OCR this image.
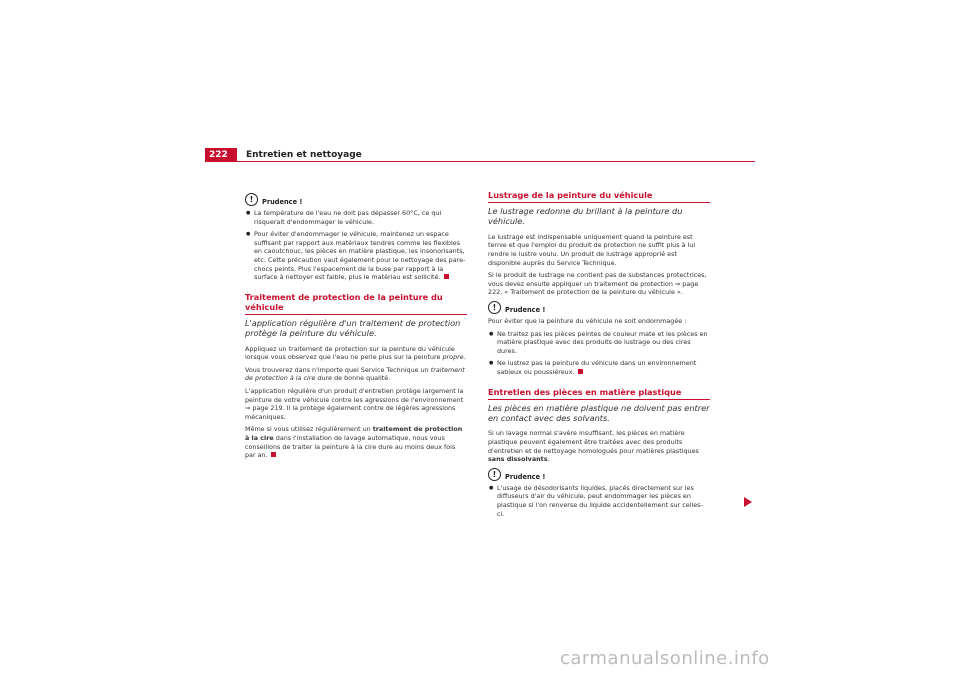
222	Entretien et nettoyage
!	Prudence !

● La température de l'eau ne doit pas dépasser 60°C, ce qui risquerait d'endommager le véhicule.

● Pour éviter d'endommager le véhicule, maintenez un espace suffisant par rapport aux matériaux tendres comme les flexibles en caoutchouc, les pièces en matière plastique, les insonorisants, etc. Cette précaution vaut également pour le nettoyage des pare-chocs peints. Plus l'espacement de la buse par rapport à la surface à nettoyer est faible, plus le matériau est sollicité.

Traitement de protection de la peinture du véhicule
L'application régulière d'un traitement de protection protège la peinture du véhicule.

Appliquez un traitement de protection sur la peinture du véhicule lorsque vous observez que l'eau ne perle plus sur la peinture propre.

Vous trouverez dans n'importe quel Service Technique un traitement de protection à la cire dure de bonne qualité.

L'application régulière d'un produit d'entretien protège largement la peinture de votre véhicule contre les agressions de l'environnement ⇒ page 219. Il la protège également contre de légères agressions mécaniques.

Même si vous utilisez régulièrement un traitement de protection à la cire dans l'installation de lavage automatique, nous vous conseillons de traiter la peinture à la cire dure au moins deux fois par an.

Lustrage de la peinture du véhicule
Le lustrage redonne du brillant à la peinture du véhicule.

Le lustrage est indispensable uniquement quand la peinture est ternie et que l'emploi du produit de protection ne suffit plus à lui rendre le lustre voulu. Un produit de lustrage approprié est disponible auprès du Service Technique.

Si le produit de lustrage ne contient pas de substances protectrices, vous devez ensuite appliquer un traitement de protection ⇒ page 222, « Traitement de protection de la peinture du véhicule ».

!	Prudence !

Pour éviter que la peinture du véhicule ne soit endommagée :

● Ne traitez pas les pièces peintes de couleur mate et les pièces en matière plastique avec des produits de lustrage ou des cires dures.

● Ne lustrez pas la peinture du véhicule dans un environnement sableux ou poussiéreux.

Entretien des pièces en matière plastique
Les pièces en matière plastique ne doivent pas entrer en contact avec des solvants.

Si un lavage normal s'avère insuffisant, les pièces en matière plastique peuvent également être traitées avec des produits d'entretien et de nettoyage homologués pour matières plastiques sans dissolvants.

!	Prudence !

● L'usage de désodorisants liquides, placés directement sur les diffuseurs d'air du véhicule, peut endommager les pièces en plastique si l'on renverse du liquide accidentellement sur celles-ci.

carmanualsonline.info
